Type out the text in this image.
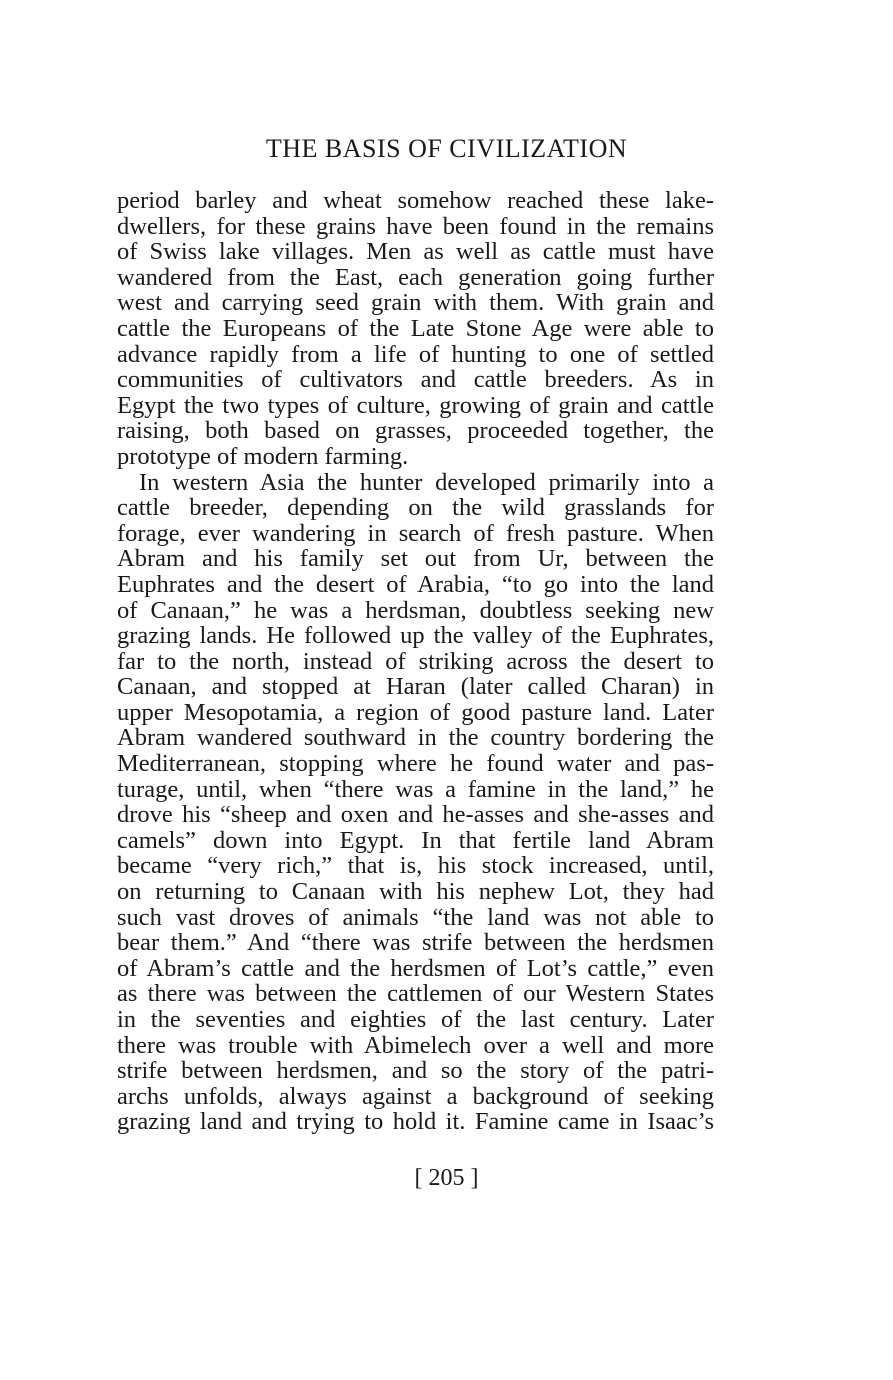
THE BASIS OF CIVILIZATION
period barley and wheat somehow reached these lake-
dwellers, for these grains have been found in the remains
of Swiss lake villages. Men as well as cattle must have
wandered from the East, each generation going further
west and carrying seed grain with them. With grain and
cattle the Europeans of the Late Stone Age were able to
advance rapidly from a life of hunting to one of settled
communities of cultivators and cattle breeders. As in
Egypt the two types of culture, growing of grain and cattle
raising, both based on grasses, proceeded together, the
prototype of modern farming.
In western Asia the hunter developed primarily into a
cattle breeder, depending on the wild grasslands for
forage, ever wandering in search of fresh pasture. When
Abram and his family set out from Ur, between the
Euphrates and the desert of Arabia, “to go into the land
of Canaan,” he was a herdsman, doubtless seeking new
grazing lands. He followed up the valley of the Euphrates,
far to the north, instead of striking across the desert to
Canaan, and stopped at Haran (later called Charan) in
upper Mesopotamia, a region of good pasture land. Later
Abram wandered southward in the country bordering the
Mediterranean, stopping where he found water and pas-
turage, until, when “there was a famine in the land,” he
drove his “sheep and oxen and he-asses and she-asses and
camels” down into Egypt. In that fertile land Abram
became “very rich,” that is, his stock increased, until,
on returning to Canaan with his nephew Lot, they had
such vast droves of animals “the land was not able to
bear them.” And “there was strife between the herdsmen
of Abram’s cattle and the herdsmen of Lot’s cattle,” even
as there was between the cattlemen of our Western States
in the seventies and eighties of the last century. Later
there was trouble with Abimelech over a well and more
strife between herdsmen, and so the story of the patri-
archs unfolds, always against a background of seeking
grazing land and trying to hold it. Famine came in Isaac’s
[ 205 ]
